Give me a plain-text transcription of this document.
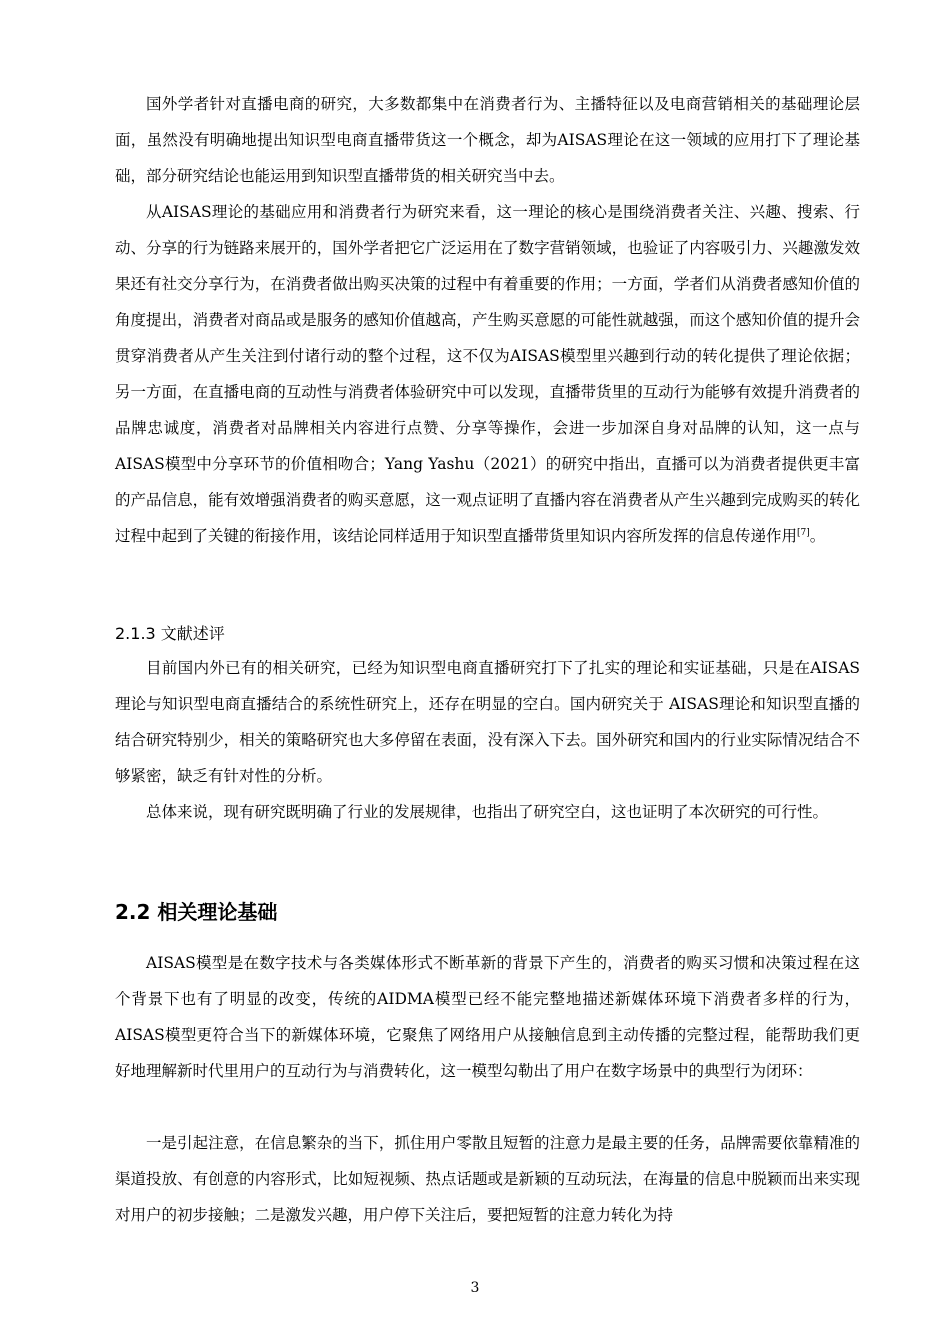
国外学者针对直播电商的研究，大多数都集中在消费者行为、主播特征以及电商营销相关的基础理论层面，虽然没有明确地提出知识型电商直播带货这一个概念，却为AISAS理论在这一领域的应用打下了理论基础，部分研究结论也能运用到知识型直播带货的相关研究当中去。

从AISAS理论的基础应用和消费者行为研究来看，这一理论的核心是围绕消费者关注、兴趣、搜索、行动、分享的行为链路来展开的，国外学者把它广泛运用在了数字营销领域，也验证了内容吸引力、兴趣激发效果还有社交分享行为，在消费者做出购买决策的过程中有着重要的作用；一方面，学者们从消费者感知价值的角度提出，消费者对商品或是服务的感知价值越高，产生购买意愿的可能性就越强，而这个感知价值的提升会贯穿消费者从产生关注到付诸行动的整个过程，这不仅为AISAS模型里兴趣到行动的转化提供了理论依据；另一方面，在直播电商的互动性与消费者体验研究中可以发现，直播带货里的互动行为能够有效提升消费者的品牌忠诚度，消费者对品牌相关内容进行点赞、分享等操作，会进一步加深自身对品牌的认知，这一点与AISAS模型中分享环节的价值相吻合；Yang Yashu（2021）的研究中指出，直播可以为消费者提供更丰富的产品信息，能有效增强消费者的购买意愿，这一观点证明了直播内容在消费者从产生兴趣到完成购买的转化过程中起到了关键的衔接作用，该结论同样适用于知识型直播带货里知识内容所发挥的信息传递作用[7]。

2.1.3 文献述评

目前国内外已有的相关研究，已经为知识型电商直播研究打下了扎实的理论和实证基础，只是在AISAS理论与知识型电商直播结合的系统性研究上，还存在明显的空白。国内研究关于 AISAS理论和知识型直播的结合研究特别少，相关的策略研究也大多停留在表面，没有深入下去。国外研究和国内的行业实际情况结合不够紧密，缺乏有针对性的分析。

总体来说，现有研究既明确了行业的发展规律，也指出了研究空白，这也证明了本次研究的可行性。

2.2 相关理论基础

AISAS模型是在数字技术与各类媒体形式不断革新的背景下产生的，消费者的购买习惯和决策过程在这个背景下也有了明显的改变，传统的AIDMA模型已经不能完整地描述新媒体环境下消费者多样的行为，AISAS模型更符合当下的新媒体环境，它聚焦了网络用户从接触信息到主动传播的完整过程，能帮助我们更好地理解新时代里用户的互动行为与消费转化，这一模型勾勒出了用户在数字场景中的典型行为闭环：

一是引起注意，在信息繁杂的当下，抓住用户零散且短暂的注意力是最主要的任务，品牌需要依靠精准的渠道投放、有创意的内容形式，比如短视频、热点话题或是新颖的互动玩法，在海量的信息中脱颖而出来实现对用户的初步接触；二是激发兴趣，用户停下关注后，要把短暂的注意力转化为持

3
